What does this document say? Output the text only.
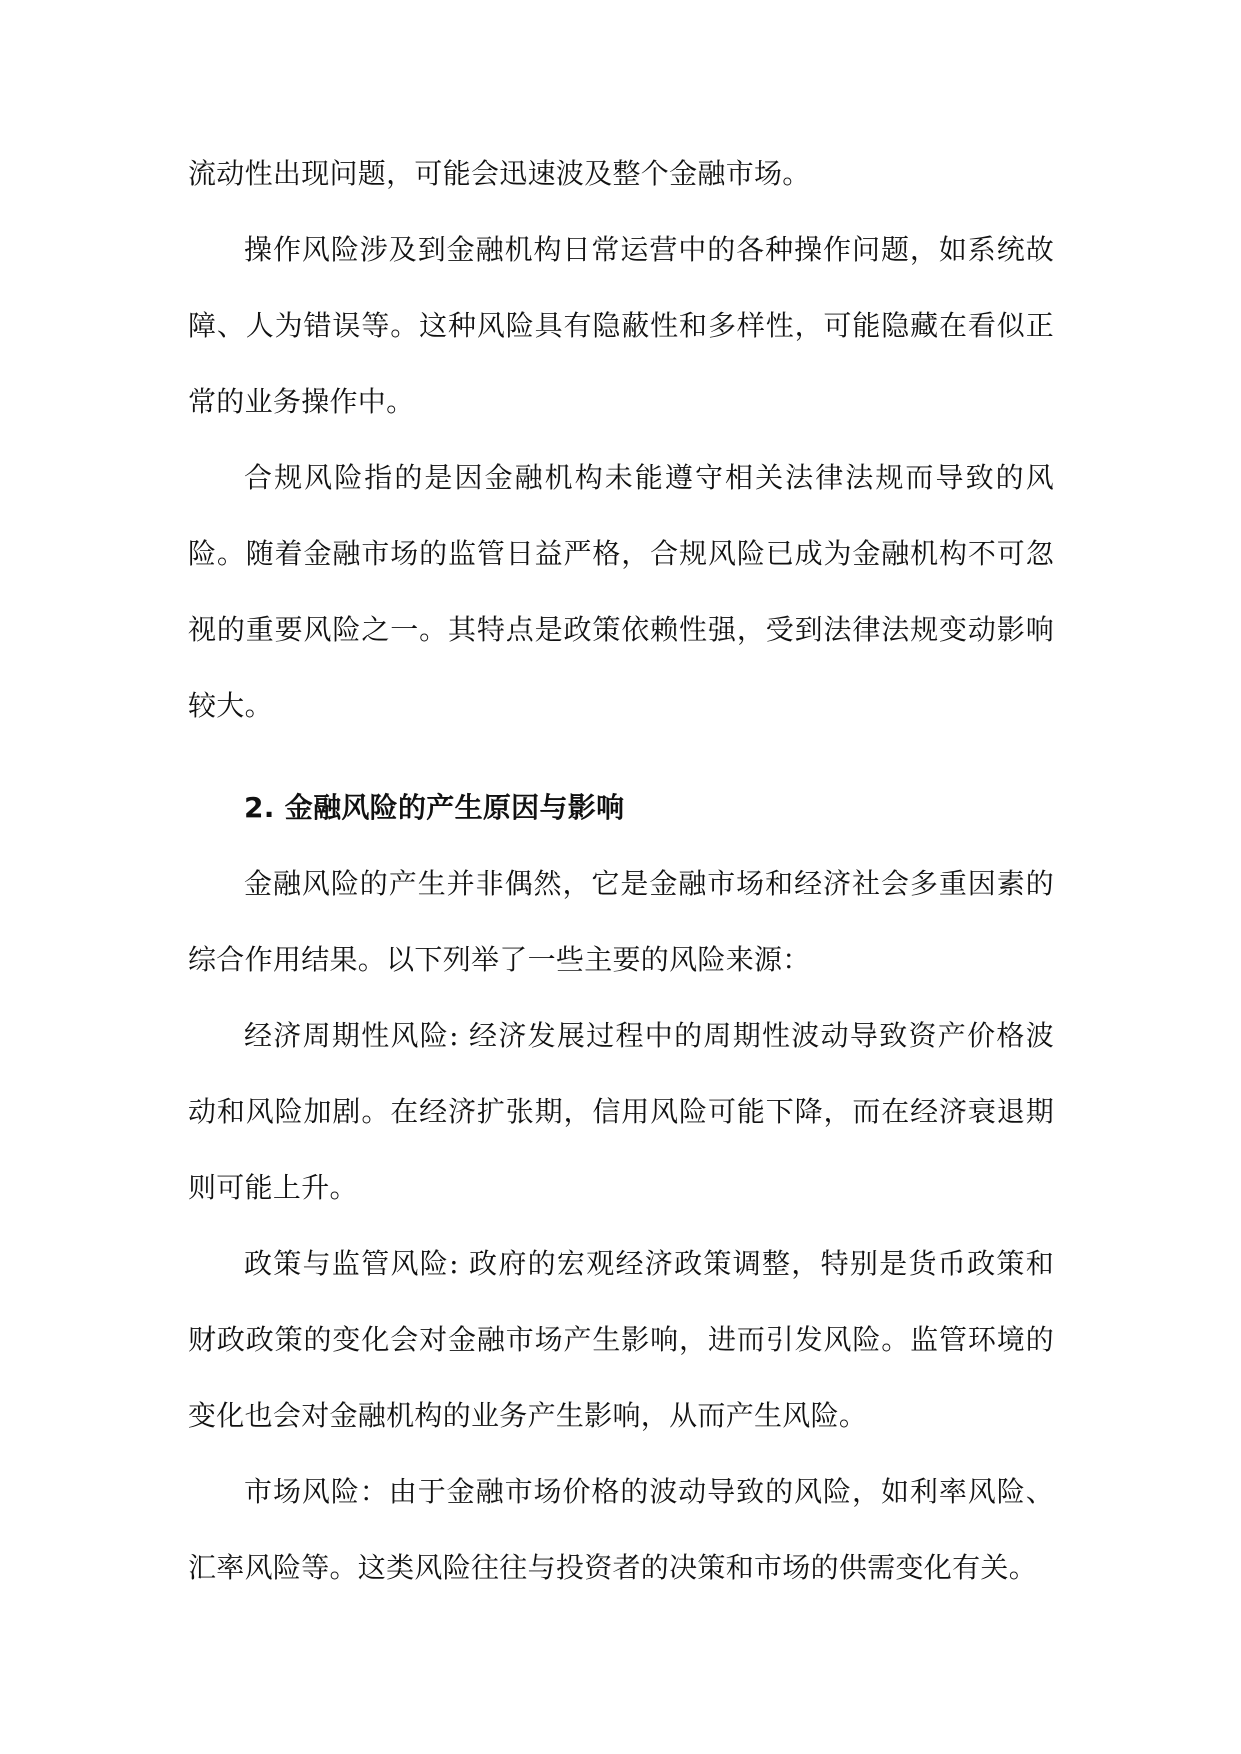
流动性出现问题，可能会迅速波及整个金融市场。

操作风险涉及到金融机构日常运营中的各种操作问题，如系统故障、人为错误等。这种风险具有隐蔽性和多样性，可能隐藏在看似正常的业务操作中。

合规风险指的是因金融机构未能遵守相关法律法规而导致的风险。随着金融市场的监管日益严格，合规风险已成为金融机构不可忽视的重要风险之一。其特点是政策依赖性强，受到法律法规变动影响较大。

2. 金融风险的产生原因与影响

金融风险的产生并非偶然，它是金融市场和经济社会多重因素的综合作用结果。以下列举了一些主要的风险来源：

经济周期性风险: 经济发展过程中的周期性波动导致资产价格波动和风险加剧。在经济扩张期，信用风险可能下降，而在经济衰退期则可能上升。

政策与监管风险: 政府的宏观经济政策调整，特别是货币政策和财政政策的变化会对金融市场产生影响，进而引发风险。监管环境的变化也会对金融机构的业务产生影响，从而产生风险。

市场风险：由于金融市场价格的波动导致的风险，如利率风险、汇率风险等。这类风险往往与投资者的决策和市场的供需变化有关。
